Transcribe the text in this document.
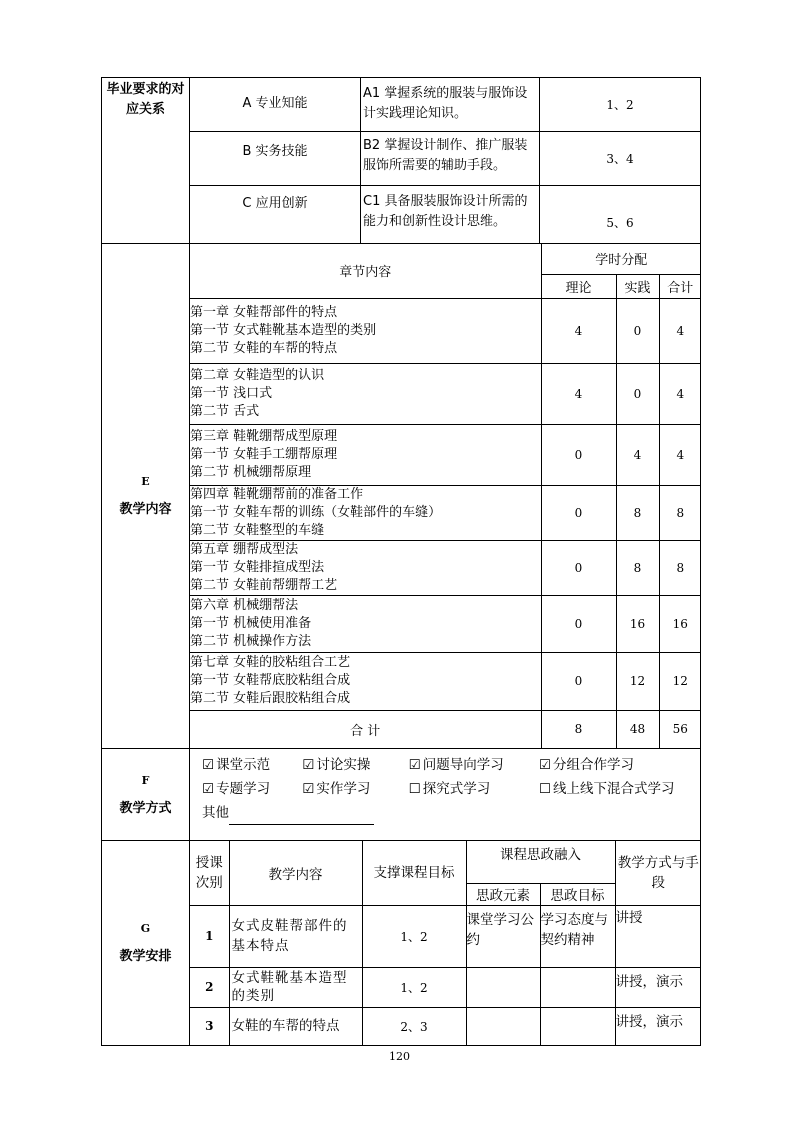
毕业要求的对应关系	A 专业知能	A1 掌握系统的服装与服饰设计实践理论知识。	1、2
B 实务技能	B2 掌握设计制作、推广服装服饰所需要的辅助手段。	3、4
C 应用创新	C1 具备服装服饰设计所需的能力和创新性设计思维。	5、6

E
教学内容	
章节内容	学时分配
理论	实践	合计

第一章 女鞋帮部件的特点
第一节 女式鞋靴基本造型的类别
第二节 女鞋的车帮的特点
	4	0	4

第二章 女鞋造型的认识
第一节 浅口式
第二节 舌式
	4	0	4

第三章 鞋靴绷帮成型原理
第一节 女鞋手工绷帮原理
第二节 机械绷帮原理
	0	4	4

第四章 鞋靴绷帮前的准备工作
第一节 女鞋车帮的训练（女鞋部件的车缝）
第二节 女鞋整型的车缝
	0	8	8

第五章 绷帮成型法
第一节 女鞋排揎成型法
第二节 女鞋前帮绷帮工艺
	0	8	8

第六章 机械绷帮法
第一节 机械使用准备
第二节 机械操作方法
	0	16	16

第七章 女鞋的胶粘组合工艺
第一节 女鞋帮底胶粘组合成
第二节 女鞋后跟胶粘组合成
	0	12	12
合 计	8	48	56

F
教学方式	
☑ 课堂示范 ☑ 讨论实操	☑ 问题导向学习	☑ 分组合作学习
☑ 专题学习 ☑ 实作学习	☐ 探究式学习	☐ 线上线下混合式学习
其他

G
教学安排	
授课次别	教学内容	支撑课程目标	课程思政融入	教学方式与手段
思政元素	思政目标
1	女式皮鞋帮部件的基本特点	1、2	课堂学习公约	学习态度与契约精神	讲授
2	女式鞋靴基本造型的类别	1、2			讲授，演示
3	女鞋的车帮的特点	2、3			讲授，演示
120
